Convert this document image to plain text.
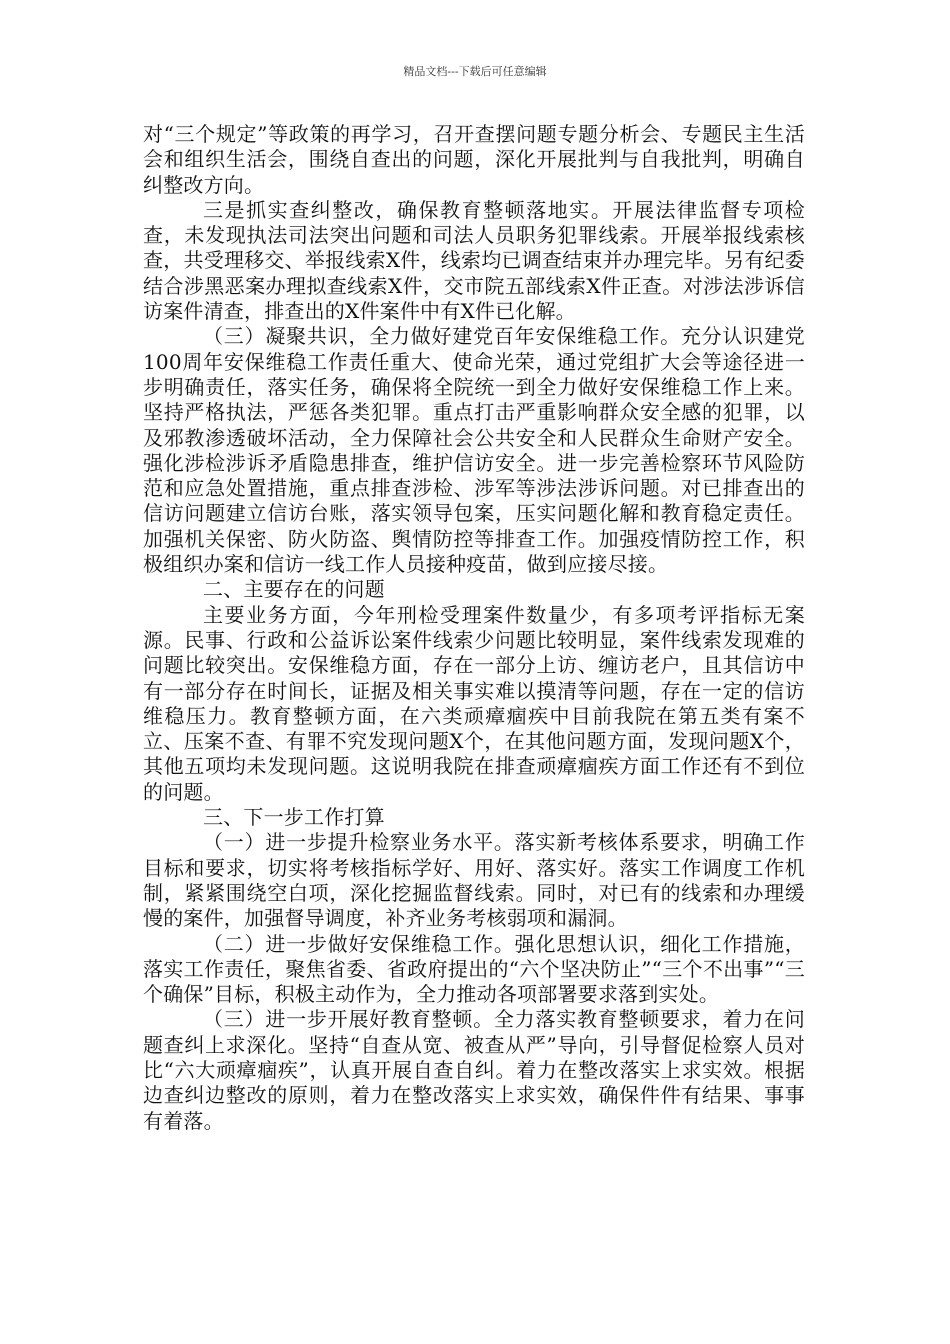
精品文档---下载后可任意编辑

对“三个规定”等政策的再学习，召开查摆问题专题分析会、专题民主生活会和组织生活会，围绕自查出的问题，深化开展批判与自我批判，明确自纠整改方向。

三是抓实查纠整改，确保教育整顿落地实。开展法律监督专项检查，未发现执法司法突出问题和司法人员职务犯罪线索。开展举报线索核查，共受理移交、举报线索X件，线索均已调查结束并办理完毕。另有纪委结合涉黑恶案办理拟查线索X件，交市院五部线索X件正查。对涉法涉诉信访案件清查，排查出的X件案件中有X件已化解。

（三）凝聚共识，全力做好建党百年安保维稳工作。充分认识建党100周年安保维稳工作责任重大、使命光荣，通过党组扩大会等途径进一步明确责任，落实任务，确保将全院统一到全力做好安保维稳工作上来。坚持严格执法，严惩各类犯罪。重点打击严重影响群众安全感的犯罪，以及邪教渗透破坏活动，全力保障社会公共安全和人民群众生命财产安全。强化涉检涉诉矛盾隐患排查，维护信访安全。进一步完善检察环节风险防范和应急处置措施，重点排查涉检、涉军等涉法涉诉问题。对已排查出的信访问题建立信访台账，落实领导包案，压实问题化解和教育稳定责任。加强机关保密、防火防盗、舆情防控等排查工作。加强疫情防控工作，积极组织办案和信访一线工作人员接种疫苗，做到应接尽接。

二、主要存在的问题

主要业务方面，今年刑检受理案件数量少，有多项考评指标无案源。民事、行政和公益诉讼案件线索少问题比较明显，案件线索发现难的问题比较突出。安保维稳方面，存在一部分上访、缠访老户，且其信访中有一部分存在时间长，证据及相关事实难以摸清等问题，存在一定的信访维稳压力。教育整顿方面，在六类顽瘴痼疾中目前我院在第五类有案不立、压案不查、有罪不究发现问题X个，在其他问题方面，发现问题X个，其他五项均未发现问题。这说明我院在排查顽瘴痼疾方面工作还有不到位的问题。

三、下一步工作打算

（一）进一步提升检察业务水平。落实新考核体系要求，明确工作目标和要求，切实将考核指标学好、用好、落实好。落实工作调度工作机制，紧紧围绕空白项，深化挖掘监督线索。同时，对已有的线索和办理缓慢的案件，加强督导调度，补齐业务考核弱项和漏洞。

（二）进一步做好安保维稳工作。强化思想认识，细化工作措施，落实工作责任，聚焦省委、省政府提出的“六个坚决防止”“三个不出事”“三个确保”目标，积极主动作为，全力推动各项部署要求落到实处。

（三）进一步开展好教育整顿。全力落实教育整顿要求，着力在问题查纠上求深化。坚持“自查从宽、被查从严”导向，引导督促检察人员对比“六大顽瘴痼疾”，认真开展自查自纠。着力在整改落实上求实效。根据边查纠边整改的原则，着力在整改落实上求实效，确保件件有结果、事事有着落。
